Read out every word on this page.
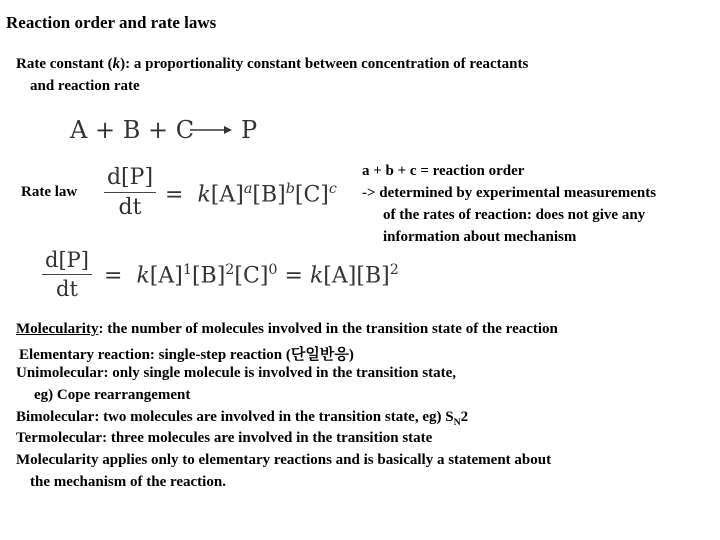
Reaction order and rate laws
Rate constant (k): a proportionality constant between concentration of reactants
and reaction rate
A + B + C → P
Rate law
d[P]
dt
= $k[A]^a[B]^b[C]^c$
a + b + c = reaction order
-> determined by experimental measurements
of the rates of reaction: does not give any
information about mechanism
d[P]
dt
= $k[A]^1[B]^2[C]^0 = k[A][B]^2$
Molecularity: the number of molecules involved in the transition state of the reaction
Elementary reaction: single-step reaction (단일반응)
Unimolecular: only single molecule is involved in the transition state,
eg) Cope rearrangement
Bimolecular: two molecules are involved in the transition state, eg) $S_N2$
Termolecular: three molecules are involved in the transition state
Molecularity applies only to elementary reactions and is basically a statement about
the mechanism of the reaction.
